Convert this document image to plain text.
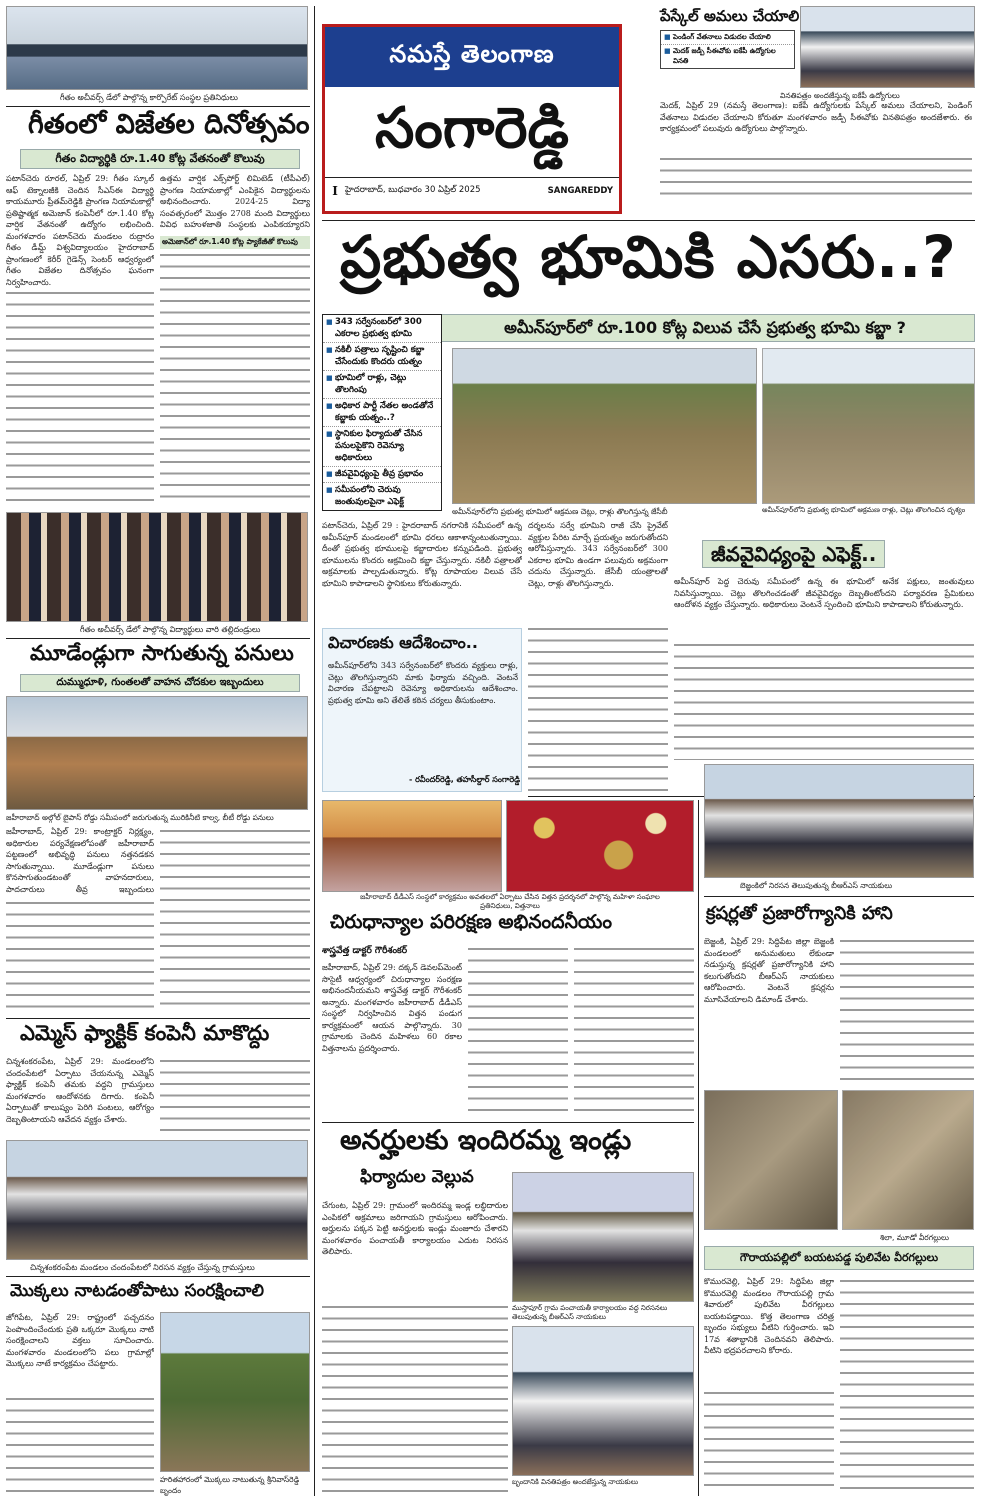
గీతం అచీవర్స్ డేలో పాల్గొన్న కార్పొరేట్ సంస్థల ప్రతినిధులు
గీతంలో విజేతల దినోత్సవం
గీతం విద్యార్థికి రూ.1.40 కోట్ల వేతనంతో కొలువు
పటాన్‌చెరు రూరల్, ఏప్రిల్ 29: గీతం స్కూల్ ఆఫ్ టెక్నాలజీకి చెందిన సీఎస్‌ఈ విద్యార్థి కాయమూరు ప్రీతమ్‌రెడ్డికి ప్రాంగణ నియామకాల్లో ప్రతిష్టాత్మక అమెజాన్ కంపెనీలో రూ.1.40 కోట్ల వార్షిక వేతనంతో ఉద్యోగం లభించింది. మంగళవారం పటాన్‌చెరు మండలం రుద్రారం గీతం డీమ్డ్ విశ్వవిద్యాలయం హైదరాబాద్ ప్రాంగణంలో కెరీర్ గైడెన్స్ సెంటర్ ఆధ్వర్యంలో గీతం విజేతల దినోత్సవం ఘనంగా నిర్వహించారు.
ఉత్తమ వార్షిక ఎక్స్‌పోర్ట్ లిమిటెడ్ (టీపీఎల్) ప్రాంగణ నియామకాల్లో ఎంపికైన విద్యార్థులను అభినందించారు. 2024-25 విద్యా సంవత్సరంలో మొత్తం 2708 మంది విద్యార్థులు వివిధ బహుళజాతి సంస్థలకు ఎంపికయ్యారని
అమెజాన్‌లో రూ.1.40 కోట్ల ప్యాకేజీతో కొలువు
గీతం అచీవర్స్ డేలో పాల్గొన్న విద్యార్థులు వారి తల్లిదండ్రులు
మూడేండ్లుగా సాగుతున్న పనులు
దుమ్ముధూళి, గుంతలతో వాహన చోదకుల ఇబ్బందులు
జహీరాబాద్ అల్గోల్ బైపాస్ రోడ్డు సమీపంలో జరుగుతున్న మురికినీటి కాల్వ, బీటీ రోడ్డు పనులు
జహీరాబాద్, ఏప్రిల్ 29: కాంట్రాక్టర్ నిర్లక్ష్యం, అధికారుల పర్యవేక్షణలోపంతో జహీరాబాద్ పట్టణంలో అభివృద్ధి పనులు నత్తనడకన సాగుతున్నాయి. మూడేండ్లుగా పనులు కొనసాగుతుండటంతో వాహనదారులు, పాదచారులు తీవ్ర ఇబ్బందులు
ఎమ్మెస్ ఫ్యాక్టిక్ కంపెనీ మాకొద్దు
చిన్నశంకరంపేట, ఏప్రిల్ 29: మండలంలోని చందంపేటలో ఏర్పాటు చేయనున్న ఎమ్మెస్ ఫ్యాక్టిక్ కంపెనీ తమకు వద్దని గ్రామస్తులు మంగళవారం ఆందోళనకు దిగారు. కంపెనీ ఏర్పాటుతో కాలుష్యం పెరిగి పంటలు, ఆరోగ్యం దెబ్బతింటాయని ఆవేదన వ్యక్తం చేశారు.
చిన్నశంకరంపేట మండలం చందంపేటలో నిరసన వ్యక్తం చేస్తున్న గ్రామస్తులు
మొక్కలు నాటడంతోపాటు సంరక్షించాలి
జోగిపేట, ఏప్రిల్ 29: రాష్ట్రంలో పచ్చదనం పెంపొందించేందుకు ప్రతి ఒక్కరూ మొక్కలు నాటి సంరక్షించాలని వక్తలు సూచించారు. మంగళవారం మండలంలోని పలు గ్రామాల్లో మొక్కలు నాటే కార్యక్రమం చేపట్టారు.
హరితహారంలో మొక్కలు నాటుతున్న శ్రీనివాస్‌రెడ్డి బృందం
నమస్తే తెలంగాణ
సంగారెడ్డి
I హైదరాబాద్, బుధవారం 30 ఏప్రిల్ 2025	SANGAREDDY
పేస్కేల్ అమలు చేయాలి
■ పెండింగ్ వేతనాలు విడుదల చేయాలి
■ మెదక్ జడ్పీ సీఈవోకు ఐకేపీ ఉద్యోగుల వినతి
వినతిపత్రం అందజేస్తున్న ఐకేపీ ఉద్యోగులు
మెదక్, ఏప్రిల్ 29 (నమస్తే తెలంగాణ): ఐకేపీ ఉద్యోగులకు పేస్కేల్ అమలు చేయాలని, పెండింగ్ వేతనాలు విడుదల చేయాలని కోరుతూ మంగళవారం జడ్పీ సీఈవోకు వినతిపత్రం అందజేశారు. ఈ కార్యక్రమంలో పలువురు ఉద్యోగులు పాల్గొన్నారు.
ప్రభుత్వ భూమికి ఎసరు..?
అమీన్‌పూర్‌లో రూ.100 కోట్ల విలువ చేసే ప్రభుత్వ భూమి కబ్జా ?
■ 343 సర్వేనంబర్‌లో 300 ఎకరాల ప్రభుత్వ భూమి
■ నకిలీ పత్రాలు సృష్టించి కబ్జా చేసేందుకు కొందరు యత్నం
■ భూమిలో రాళ్లు, చెట్లు తొలగింపు
■ అధికార పార్టీ నేతల అండతోనే కబ్జాకు యత్నం..?
■ స్థానికుల ఫిర్యాదుతో చేసిన పనులపైకొని రెవెన్యూ అధికారులు
■ జీవవైవిధ్యంపై తీవ్ర ప్రభావం
■ సమీపంలోని చెరువు జంతువులపైనా ఎఫెక్ట్
అమీన్‌పూర్‌లోని ప్రభుత్వ భూమిలో ఆక్రమణ చెట్లు, రాళ్లు తొలగిస్తున్న జేసీబీ	అమీన్‌పూర్‌లోని ప్రభుత్వ భూమిలో ఆక్రమణ రాళ్లు, చెట్లు తొలగించిన దృశ్యం
పటాన్‌చెరు, ఏప్రిల్ 29 : హైదరాబాద్ నగరానికి సమీపంలో ఉన్న అమీన్‌పూర్ మండలంలో భూమి ధరలు ఆకాశాన్నంటుతున్నాయి. దీంతో ప్రభుత్వ భూములపై కబ్జాదారుల కన్నుపడింది. ప్రభుత్వ భూములను కొందరు ఆక్రమించి కబ్జా చేస్తున్నారు. నకిలీ పత్రాలతో అక్రమాలకు పాల్పడుతున్నారు. కోట్ల రూపాయల విలువ చేసే భూమిని కాపాడాలని స్థానికులు కోరుతున్నారు.
దర్శలను సర్వే భూమిని రాజీ చేసి ప్రైవేట్ వ్యక్తుల పేరిట మార్చే ప్రయత్నం జరుగుతోందని ఆరోపిస్తున్నారు. 343 సర్వేనంబర్‌లో 300 ఎకరాల భూమి ఉండగా పలువురు అక్రమంగా చదును చేస్తున్నారు. జేసీబీ యంత్రాలతో చెట్లు, రాళ్లు తొలగిస్తున్నారు.
విచారణకు ఆదేశించాం..
అమీన్‌పూర్‌లోని 343 సర్వేనంబర్‌లో కొందరు వ్యక్తులు రాళ్లు, చెట్లు తొలగిస్తున్నారని మాకు ఫిర్యాదు వచ్చింది. వెంటనే విచారణ చేపట్టాలని రెవెన్యూ అధికారులను ఆదేశించాం. ప్రభుత్వ భూమి అని తేలితే కఠిన చర్యలు తీసుకుంటాం.
- రవీందర్‌రెడ్డి, తహసీల్దార్ సంగారెడ్డి
జీవవైవిధ్యంపై ఎఫెక్ట్..
అమీన్‌పూర్ పెద్ద చెరువు సమీపంలో ఉన్న ఈ భూమిలో అనేక పక్షులు, జంతువులు నివసిస్తున్నాయి. చెట్లు తొలగించడంతో జీవవైవిధ్యం దెబ్బతింటోందని పర్యావరణ ప్రేమికులు ఆందోళన వ్యక్తం చేస్తున్నారు. అధికారులు వెంటనే స్పందించి భూమిని కాపాడాలని కోరుతున్నారు.
జహీరాబాద్ డీడీఎస్ సంస్థలో కార్యక్రమం అవతలలో ఏర్పాటు చేసిన విత్తన ప్రదర్శనలో పాల్గొన్న మహిళా సంఘాల ప్రతినిధులు, విత్తనాలు
చిరుధాన్యాల పరిరక్షణ అభినందనీయం
శాస్త్రవేత్త డాక్టర్ గౌరీశంకర్
జహీరాబాద్, ఏప్రిల్ 29: దక్కన్ డెవలప్‌మెంట్ సొసైటీ ఆధ్వర్యంలో చిరుధాన్యాల సంరక్షణ అభినందనీయమని శాస్త్రవేత్త డాక్టర్ గౌరీశంకర్ అన్నారు. మంగళవారం జహీరాబాద్ డీడీఎస్ సంస్థలో నిర్వహించిన విత్తన పండుగ కార్యక్రమంలో ఆయన పాల్గొన్నారు. 30 గ్రామాలకు చెందిన మహిళలు 60 రకాల విత్తనాలను ప్రదర్శించారు.
అనర్హులకు ఇందిరమ్మ ఇండ్లు
ఫిర్యాదుల వెల్లువ
చేగుంట, ఏప్రిల్ 29: గ్రామంలో ఇందిరమ్మ ఇండ్ల లబ్ధిదారుల ఎంపికలో అక్రమాలు జరిగాయని గ్రామస్తులు ఆరోపించారు. అర్హులను పక్కన పెట్టి అనర్హులకు ఇండ్లు మంజూరు చేశారని మంగళవారం పంచాయతీ కార్యాలయం ఎదుట నిరసన తెలిపారు.
ముస్తాపూర్ గ్రామ పంచాయతీ కార్యాలయం వద్ద నిరసనలు తెలుపుతున్న బీఆర్‌ఎస్ నాయకులు
బృందానికి వినతిపత్రం అందజేస్తున్న నాయకులు
బెజ్జంకిలో నిరసన తెలుపుతున్న బీఆర్‌ఎస్ నాయకులు
క్రషర్లతో ప్రజారోగ్యానికి హాని
బెజ్జంకి, ఏప్రిల్ 29: సిద్దిపేట జిల్లా బెజ్జంకి మండలంలో అనుమతులు లేకుండా నడుస్తున్న క్రషర్లతో ప్రజారోగ్యానికి హాని కలుగుతోందని బీఆర్‌ఎస్ నాయకులు ఆరోపించారు. వెంటనే క్రషర్లను మూసివేయాలని డిమాండ్ చేశారు.
శిలా, మూడో వీరగల్లులు
గౌరాయపల్లిలో బయటపడ్డ పులివేట వీరగల్లులు
కొమురవెల్లి, ఏప్రిల్ 29: సిద్దిపేట జిల్లా కొమురవెల్లి మండలం గౌరాయపల్లి గ్రామ శివారులో పులివేట వీరగల్లులు బయటపడ్డాయి. కొత్త తెలంగాణ చరిత్ర బృందం సభ్యులు వీటిని గుర్తించారు. ఇవి 17వ శతాబ్దానికి చెందినవని తెలిపారు. వీటిని భద్రపరచాలని కోరారు.
